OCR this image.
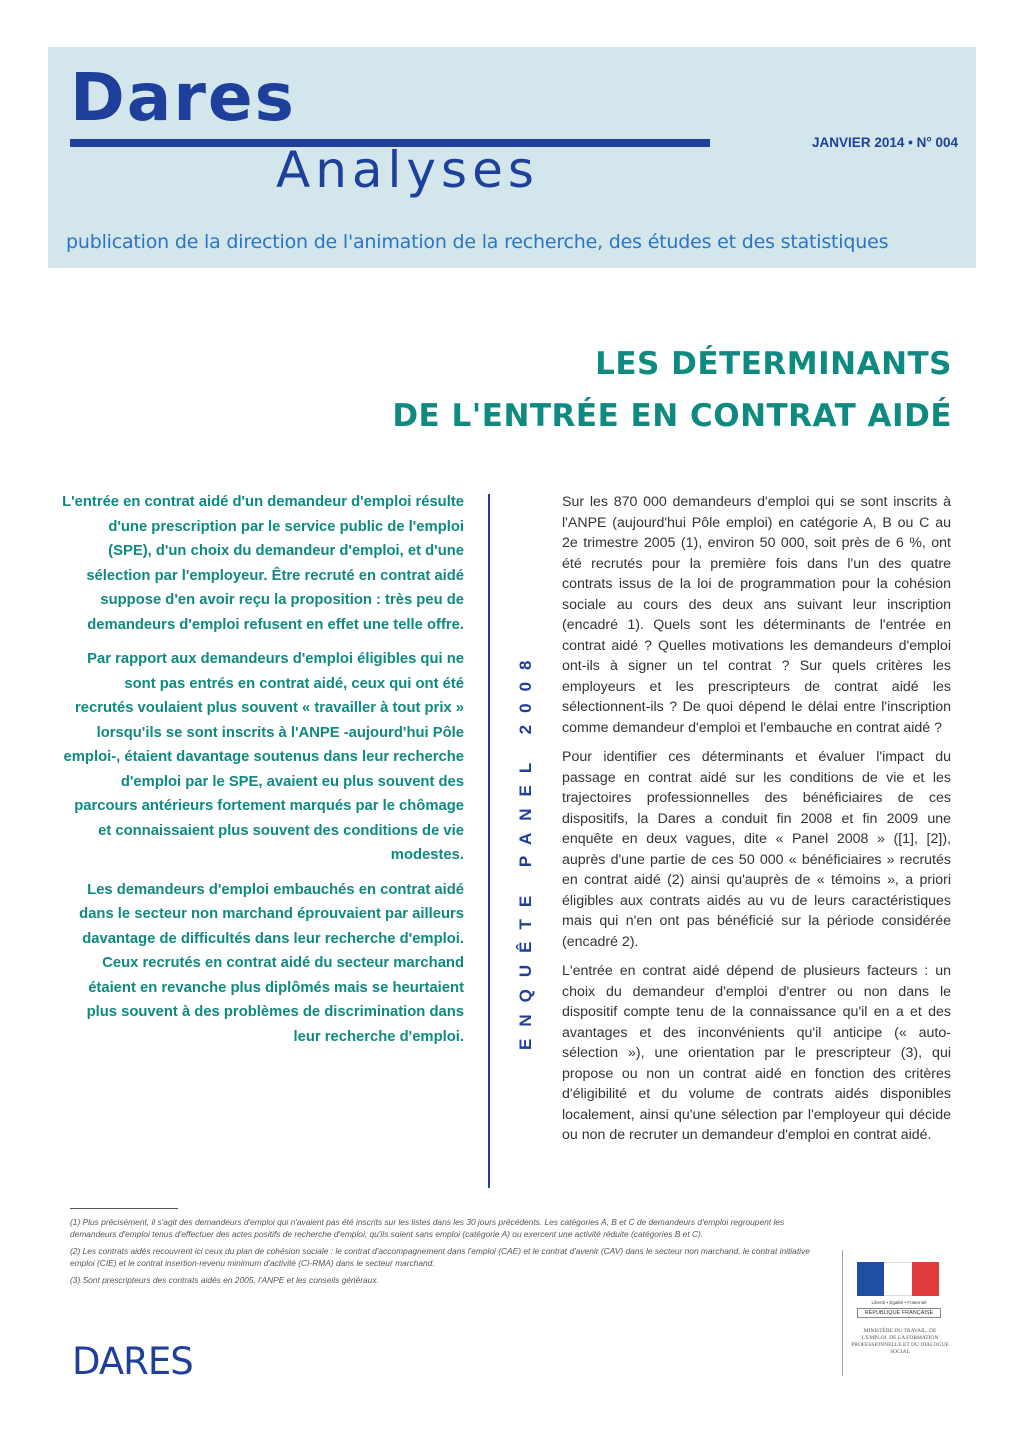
Dares
Analyses	JANVIER 2014 • N° 004
publication de la direction de l'animation de la recherche, des études et des statistiques
LES DÉTERMINANTS
DE L'ENTRÉE EN CONTRAT AIDÉ

L'entrée en contrat aidé d'un demandeur d'emploi résulte d'une prescription par le service public de l'emploi (SPE), d'un choix du demandeur d'emploi, et d'une sélection par l'employeur. Être recruté en contrat aidé suppose d'en avoir reçu la proposition : très peu de demandeurs d'emploi refusent en effet une telle offre.

Par rapport aux demandeurs d'emploi éligibles qui ne sont pas entrés en contrat aidé, ceux qui ont été recrutés voulaient plus souvent « travailler à tout prix » lorsqu'ils se sont inscrits à l'ANPE -aujourd'hui Pôle emploi-, étaient davantage soutenus dans leur recherche d'emploi par le SPE, avaient eu plus souvent des parcours antérieurs fortement marqués par le chômage et connaissaient plus souvent des conditions de vie modestes.

Les demandeurs d'emploi embauchés en contrat aidé dans le secteur non marchand éprouvaient par ailleurs davantage de difficultés dans leur recherche d'emploi. Ceux recrutés en contrat aidé du secteur marchand étaient en revanche plus diplômés mais se heurtaient plus souvent à des problèmes de discrimination dans leur recherche d'emploi.	ENQUÊTE PANEL 2008

Sur les 870 000 demandeurs d'emploi qui se sont inscrits à l'ANPE (aujourd'hui Pôle emploi) en catégorie A, B ou C au 2e trimestre 2005 (1), environ 50 000, soit près de 6 %, ont été recrutés pour la première fois dans l'un des quatre contrats issus de la loi de programmation pour la cohésion sociale au cours des deux ans suivant leur inscription (encadré 1). Quels sont les déterminants de l'entrée en contrat aidé ? Quelles motivations les demandeurs d'emploi ont-ils à signer un tel contrat ? Sur quels critères les employeurs et les prescripteurs de contrat aidé les sélectionnent-ils ? De quoi dépend le délai entre l'inscription comme demandeur d'emploi et l'embauche en contrat aidé ?

Pour identifier ces déterminants et évaluer l'impact du passage en contrat aidé sur les conditions de vie et les trajectoires professionnelles des bénéficiaires de ces dispositifs, la Dares a conduit fin 2008 et fin 2009 une enquête en deux vagues, dite « Panel 2008 » ([1], [2]), auprès d'une partie de ces 50 000 « bénéficiaires » recrutés en contrat aidé (2) ainsi qu'auprès de « témoins », a priori éligibles aux contrats aidés au vu de leurs caractéristiques mais qui n'en ont pas bénéficié sur la période considérée (encadré 2).

L'entrée en contrat aidé dépend de plusieurs facteurs : un choix du demandeur d'emploi d'entrer ou non dans le dispositif compte tenu de la connaissance qu'il en a et des avantages et des inconvénients qu'il anticipe (« auto-sélection »), une orientation par le prescripteur (3), qui propose ou non un contrat aidé en fonction des critères d'éligibilité et du volume de contrats aidés disponibles localement, ainsi qu'une sélection par l'employeur qui décide ou non de recruter un demandeur d'emploi en contrat aidé.

(1) Plus précisément, il s'agit des demandeurs d'emploi qui n'avaient pas été inscrits sur les listes dans les 30 jours précédents. Les catégories A, B et C de demandeurs d'emploi regroupent les demandeurs d'emploi tenus d'effectuer des actes positifs de recherche d'emploi, qu'ils soient sans emploi (catégorie A) ou exercent une activité réduite (catégories B et C).

(2) Les contrats aidés recouvrent ici ceux du plan de cohésion sociale : le contrat d'accompagnement dans l'emploi (CAE) et le contrat d'avenir (CAV) dans le secteur non marchand, le contrat initiative emploi (CIE) et le contrat insertion-revenu minimum d'activité (CI-RMA) dans le secteur marchand.

(3) Sont prescripteurs des contrats aidés en 2005, l'ANPE et les conseils généraux.

DARES
Liberté • Égalité • Fraternité
RÉPUBLIQUE FRANÇAISE
MINISTÈRE DU TRAVAIL, DE L'EMPLOI, DE LA FORMATION PROFESSIONNELLE ET DU DIALOGUE SOCIAL
